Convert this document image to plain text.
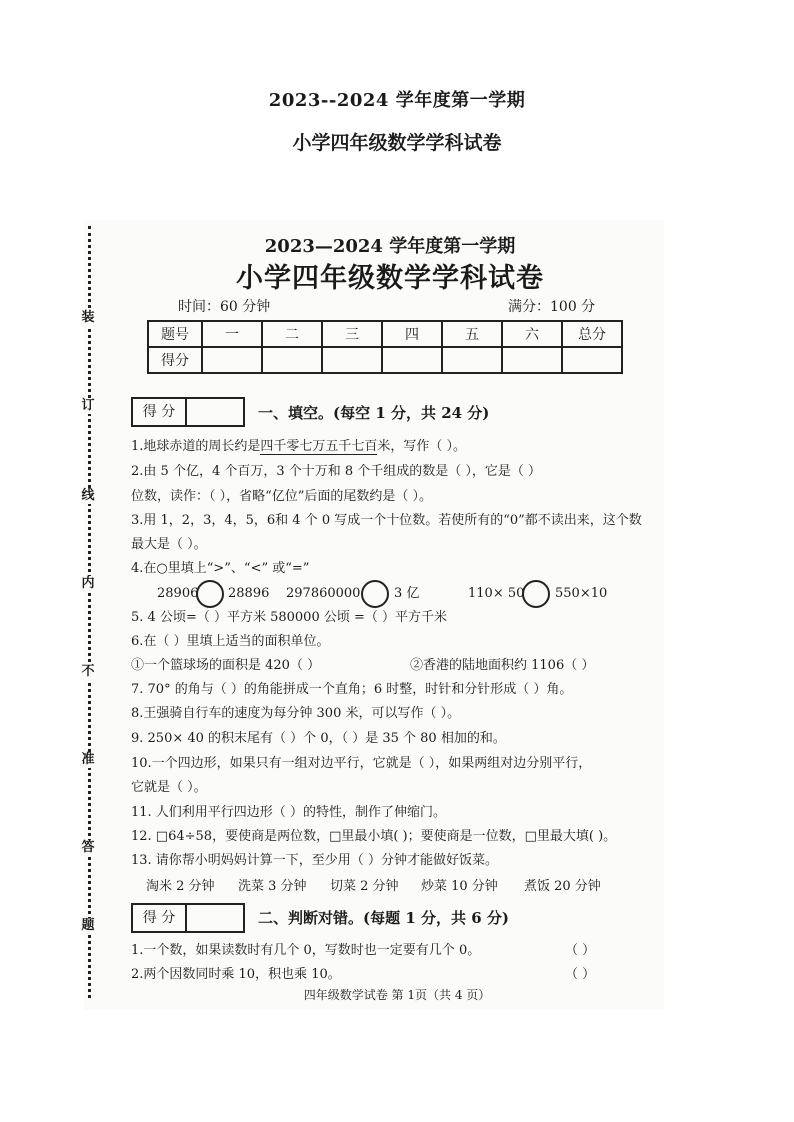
2023--2024 学年度第一学期
小学四年级数学学科试卷
装
订
线
内
不
准
答
题
2023—2024 学年度第一学期
小学四年级数学学科试卷
时间：60 分钟	满分：100 分
题号	一	二	三	四	五	六	总分
得分							
得 分	一、填空。(每空 1 分，共 24 分)
1.地球赤道的周长约是四千零七万五千七百米，写作（ ）。
2.由 5 个亿，4 个百万，3 个十万和 8 个千组成的数是（ ），它是（ ）
位数，读作：（ ），省略“亿位”后面的尾数约是（ ）。
3.用 1，2，3，4，5，6和 4 个 0 写成一个十位数。若使所有的“0”都不读出来，这个数
最大是（ ）。
4.在○里填上“>”、“<” 或“=”
28906 28896 297860000	3 亿	110× 50 550×10
5. 4 公顷=（ ）平方米 580000 公顷 =（ ）平方千米
6.在（ ）里填上适当的面积单位。
①一个篮球场的面积是 420（ ）	②香港的陆地面积约 1106（ ）
7. 70° 的角与（ ）的角能拼成一个直角；6 时整，时针和分针形成（ ）角。
8.王强骑自行车的速度为每分钟 300 米，可以写作（ ）。
9. 250× 40 的积末尾有（ ）个 0，（ ）是 35 个 80 相加的和。
10.一个四边形，如果只有一组对边平行，它就是（ ），如果两组对边分别平行，
它就是（ ）。
11. 人们利用平行四边形（ ）的特性，制作了伸缩门。
12. □64÷58，要使商是两位数，□里最小填( )；要使商是一位数，□里最大填( )。
13. 请你帮小明妈妈计算一下，至少用（ ）分钟才能做好饭菜。
淘米 2 分钟 洗菜 3 分钟 切菜 2 分钟 炒菜 10 分钟 煮饭 20 分钟
得 分	二、判断对错。(每题 1 分，共 6 分)
1.一个数，如果读数时有几个 0，写数时也一定要有几个 0。	（ ）
2.两个因数同时乘 10，积也乘 10。	（ ）
四年级数学试卷 第 1页（共 4 页）
